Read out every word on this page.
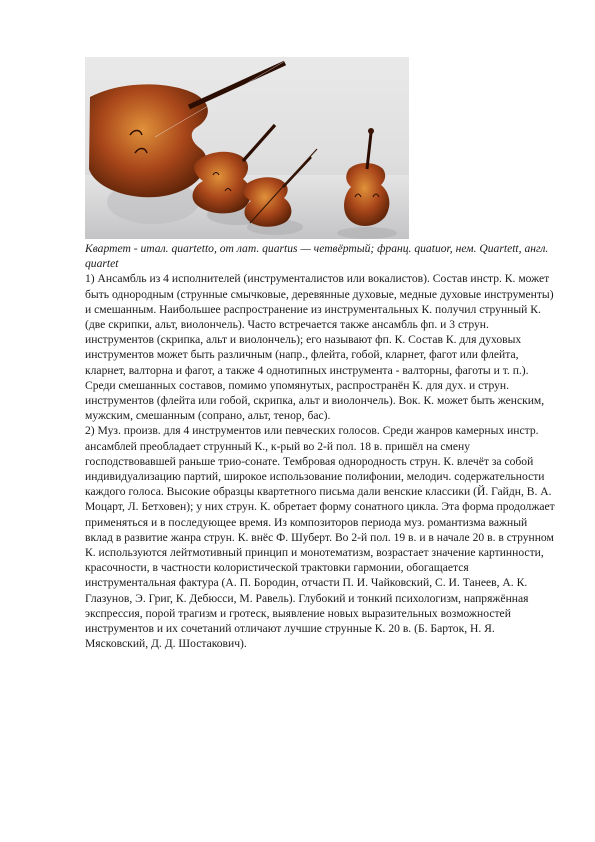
Квартет - итал. quartetto, от лат. quartus — четвёртый; франц. quatuor, нем. Quartett, англ. quartet

1) Ансамбль из 4 исполнителей (инструменталистов или вокалистов). Состав инстр. К. может быть однородным (струнные смычковые, деревянные духовые, медные духовые инструменты) и смешанным. Наибольшее распространение из инструментальных К. получил струнный К. (две скрипки, альт, виолончель). Часто встречается также ансамбль фп. и 3 струн. инструментов (скрипка, альт и виолончель); его называют фп. К. Состав К. для духовых инструментов может быть различным (напр., флейта, гобой, кларнет, фагот или флейта, кларнет, валторна и фагот, а также 4 однотипных инструмента - валторны, фаготы и т. п.). Среди смешанных составов, помимо упомянутых, распространён К. для дух. и струн. инструментов (флейта или гобой, скрипка, альт и виолончель). Вок. К. может быть женским, мужским, смешанным (сопрано, альт, тенор, бас).

2) Муз. произв. для 4 инструментов или певческих голосов. Среди жанров камерных инстр. ансамблей преобладает струнный К., к-рый во 2-й пол. 18 в. пришёл на смену господствовавшей раньше трио-сонате. Тембровая однородность струн. К. влечёт за собой индивидуализацию партий, широкое использование полифонии, мелодич. содержательности каждого голоса. Высокие образцы квартетного письма дали венские классики (Й. Гайдн, В. А. Моцарт, Л. Бетховен); у них струн. К. обретает форму сонатного цикла. Эта форма продолжает применяться и в последующее время. Из композиторов периода муз. романтизма важный вклад в развитие жанра струн. К. внёс Ф. Шуберт. Во 2-й пол. 19 в. и в начале 20 в. в струнном К. используются лейтмотивный принцип и монотематизм, возрастает значение картинности, красочности, в частности колористической трактовки гармонии, обогащается инструментальная фактура (А. П. Бородин, отчасти П. И. Чайковский, С. И. Танеев, А. К. Глазунов, Э. Григ, К. Дебюсси, М. Равель). Глубокий и тонкий психологизм, напряжённая экспрессия, порой трагизм и гротеск, выявление новых выразительных возможностей инструментов и их сочетаний отличают лучшие струнные К. 20 в. (Б. Барток, Н. Я. Мясковский, Д. Д. Шостакович).
